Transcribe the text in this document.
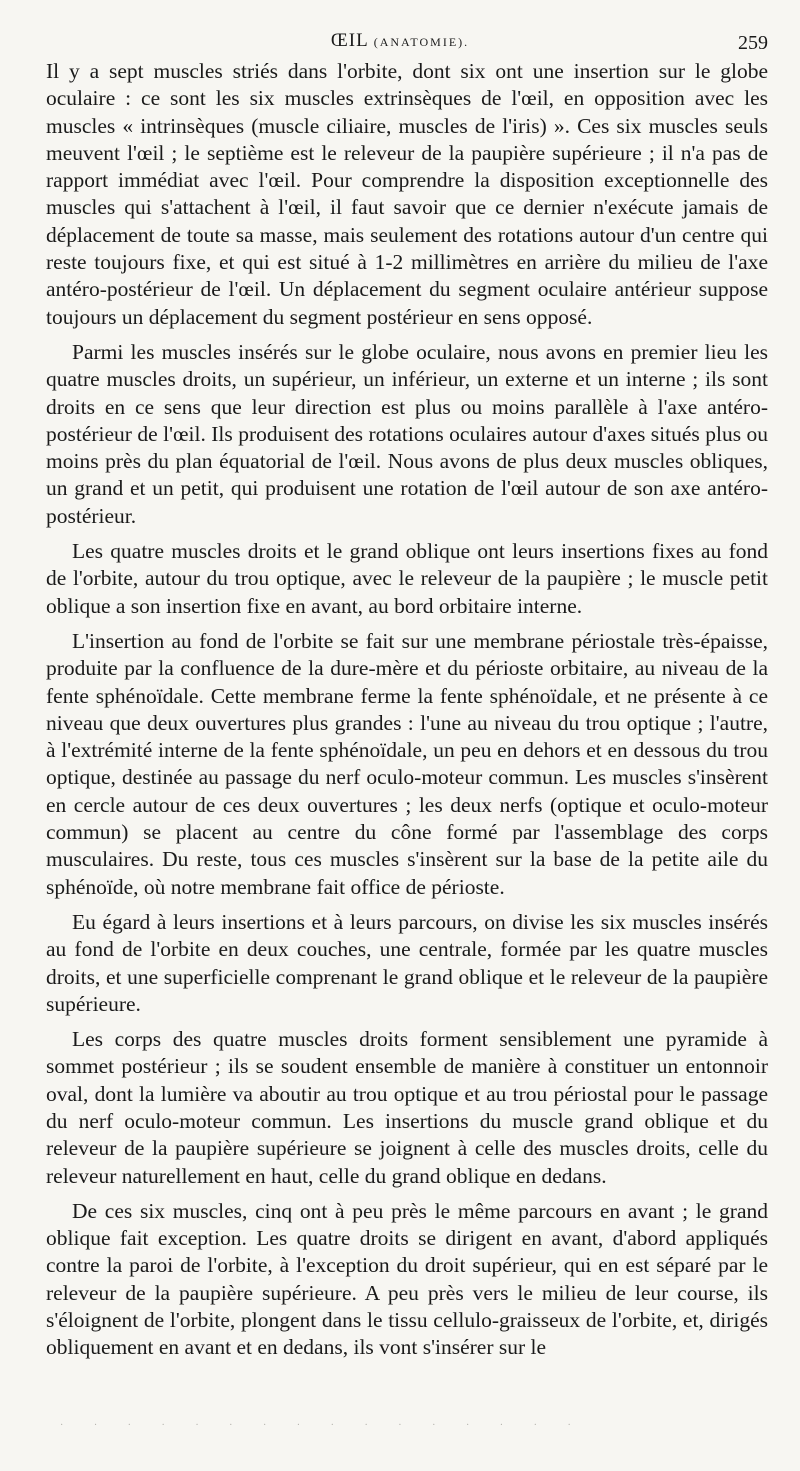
ŒIL (ANATOMIE).	259

Il y a sept muscles striés dans l'orbite, dont six ont une insertion sur le globe oculaire : ce sont les six muscles extrinsèques de l'œil, en opposition avec les muscles « intrinsèques (muscle ciliaire, muscles de l'iris) ». Ces six muscles seuls meuvent l'œil ; le septième est le releveur de la paupière supérieure ; il n'a pas de rapport immédiat avec l'œil. Pour comprendre la disposition exceptionnelle des muscles qui s'attachent à l'œil, il faut savoir que ce dernier n'exécute jamais de déplacement de toute sa masse, mais seulement des rotations autour d'un centre qui reste toujours fixe, et qui est situé à 1-2 millimètres en arrière du milieu de l'axe antéro-postérieur de l'œil. Un déplacement du segment oculaire antérieur suppose toujours un déplacement du segment postérieur en sens opposé.

Parmi les muscles insérés sur le globe oculaire, nous avons en premier lieu les quatre muscles droits, un supérieur, un inférieur, un externe et un interne ; ils sont droits en ce sens que leur direction est plus ou moins parallèle à l'axe antéro-postérieur de l'œil. Ils produisent des rotations oculaires autour d'axes situés plus ou moins près du plan équatorial de l'œil. Nous avons de plus deux muscles obliques, un grand et un petit, qui produisent une rotation de l'œil autour de son axe antéro-postérieur.

Les quatre muscles droits et le grand oblique ont leurs insertions fixes au fond de l'orbite, autour du trou optique, avec le releveur de la paupière ; le muscle petit oblique a son insertion fixe en avant, au bord orbitaire interne.

L'insertion au fond de l'orbite se fait sur une membrane périostale très-épaisse, produite par la confluence de la dure-mère et du périoste orbitaire, au niveau de la fente sphénoïdale. Cette membrane ferme la fente sphénoïdale, et ne présente à ce niveau que deux ouvertures plus grandes : l'une au niveau du trou optique ; l'autre, à l'extrémité interne de la fente sphénoïdale, un peu en dehors et en dessous du trou optique, destinée au passage du nerf oculo-moteur commun. Les muscles s'insèrent en cercle autour de ces deux ouvertures ; les deux nerfs (optique et oculo-moteur commun) se placent au centre du cône formé par l'assemblage des corps musculaires. Du reste, tous ces muscles s'insèrent sur la base de la petite aile du sphénoïde, où notre membrane fait office de périoste.

Eu égard à leurs insertions et à leurs parcours, on divise les six muscles insérés au fond de l'orbite en deux couches, une centrale, formée par les quatre muscles droits, et une superficielle comprenant le grand oblique et le releveur de la paupière supérieure.

Les corps des quatre muscles droits forment sensiblement une pyramide à sommet postérieur ; ils se soudent ensemble de manière à constituer un entonnoir oval, dont la lumière va aboutir au trou optique et au trou périostal pour le passage du nerf oculo-moteur commun. Les insertions du muscle grand oblique et du releveur de la paupière supérieure se joignent à celle des muscles droits, celle du releveur naturellement en haut, celle du grand oblique en dedans.

De ces six muscles, cinq ont à peu près le même parcours en avant ; le grand oblique fait exception. Les quatre droits se dirigent en avant, d'abord appliqués contre la paroi de l'orbite, à l'exception du droit supérieur, qui en est séparé par le releveur de la paupière supérieure. A peu près vers le milieu de leur course, ils s'éloignent de l'orbite, plongent dans le tissu cellulo-graisseux de l'orbite, et, dirigés obliquement en avant et en dedans, ils vont s'insérer sur le

· · · · · · · · · · · · · · · ·
